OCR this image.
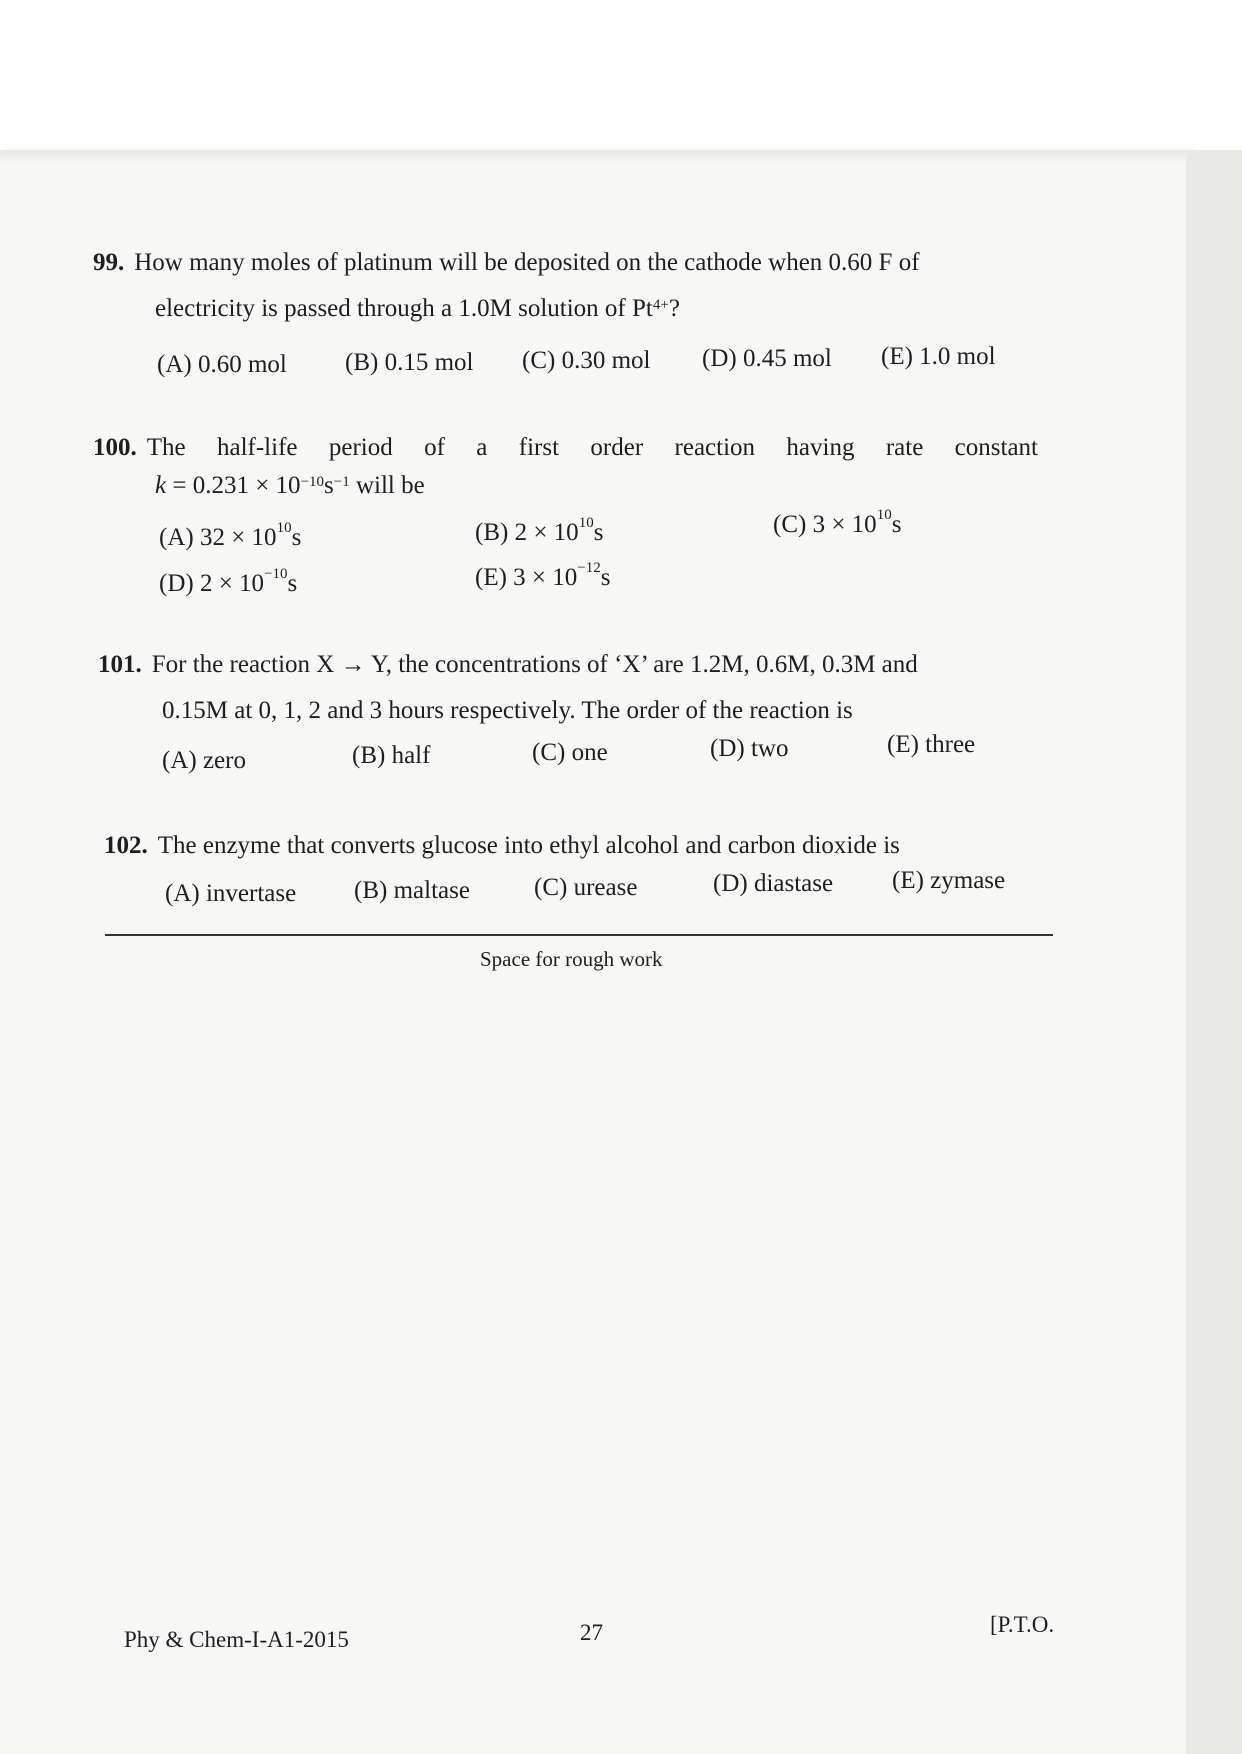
99. How many moles of platinum will be deposited on the cathode when 0.60 F of
electricity is passed through a 1.0M solution of $Pt^{4+}$?
(A) 0.60 mol (B) 0.15 mol (C) 0.30 mol (D) 0.45 mol (E) 1.0 mol
100. The half-life period of a first order reaction having rate constant
$k = 0.231 \times 10^{-10}s^{-1}$ will be
(A) $32 \times 10^{10}s$	(B) $2 \times 10^{10}s$	(C) $3 \times 10^{10}s$
(D) $2 \times 10^{-10}s$	(E) $3 \times 10^{-12}s$
101. For the reaction X → Y, the concentrations of ‘X’ are 1.2M, 0.6M, 0.3M and
0.15M at 0, 1, 2 and 3 hours respectively. The order of the reaction is
(A) zero	(B) half	(C) one	(D) two	(E) three
102. The enzyme that converts glucose into ethyl alcohol and carbon dioxide is
(A) invertase (B) maltase	(C) urease	(D) diastase (E) zymase
Space for rough work
Phy & Chem-I-A1-2015	27	[P.T.O.
